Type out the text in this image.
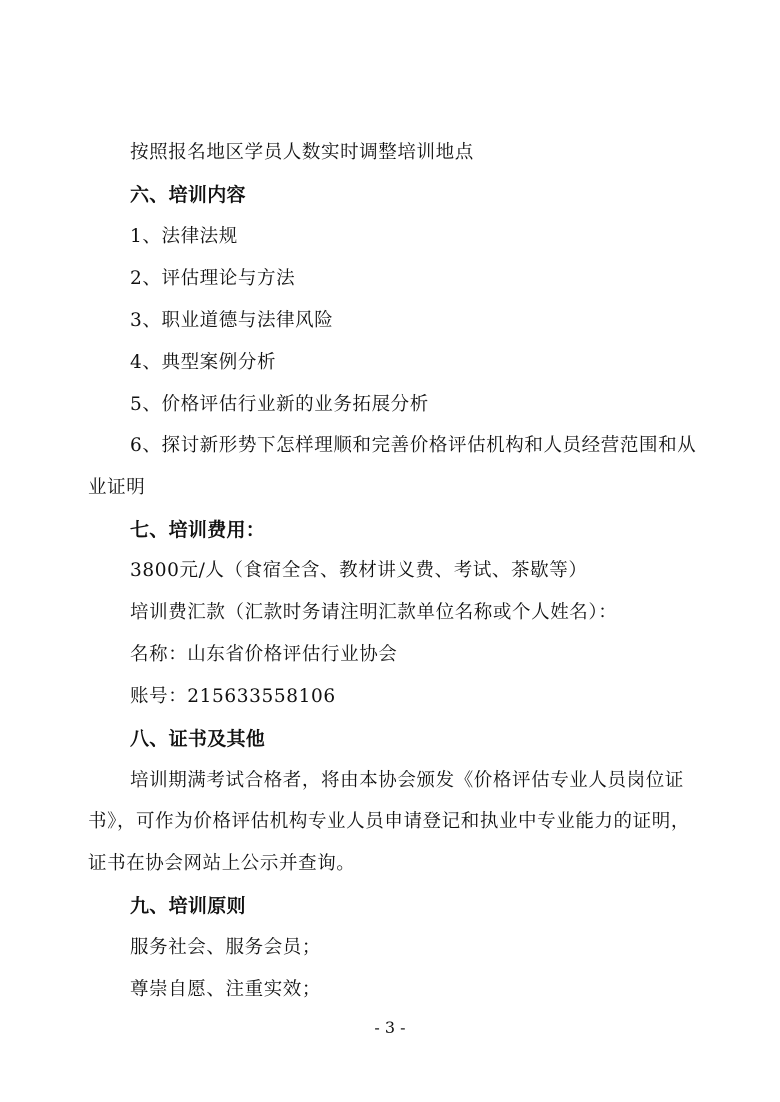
按照报名地区学员人数实时调整培训地点
六、培训内容
1、法律法规
2、评估理论与方法
3、职业道德与法律风险
4、典型案例分析
5、价格评估行业新的业务拓展分析
6、探讨新形势下怎样理顺和完善价格评估机构和人员经营范围和从
业证明
七、培训费用：
3800元/人（食宿全含、教材讲义费、考试、茶歇等）
培训费汇款（汇款时务请注明汇款单位名称或个人姓名）：
名称：山东省价格评估行业协会
账号：215633558106
八、证书及其他
培训期满考试合格者，将由本协会颁发《价格评估专业人员岗位证
书》，可作为价格评估机构专业人员申请登记和执业中专业能力的证明，
证书在协会网站上公示并查询。
九、培训原则
服务社会、服务会员；
尊崇自愿、注重实效；
- 3 -
